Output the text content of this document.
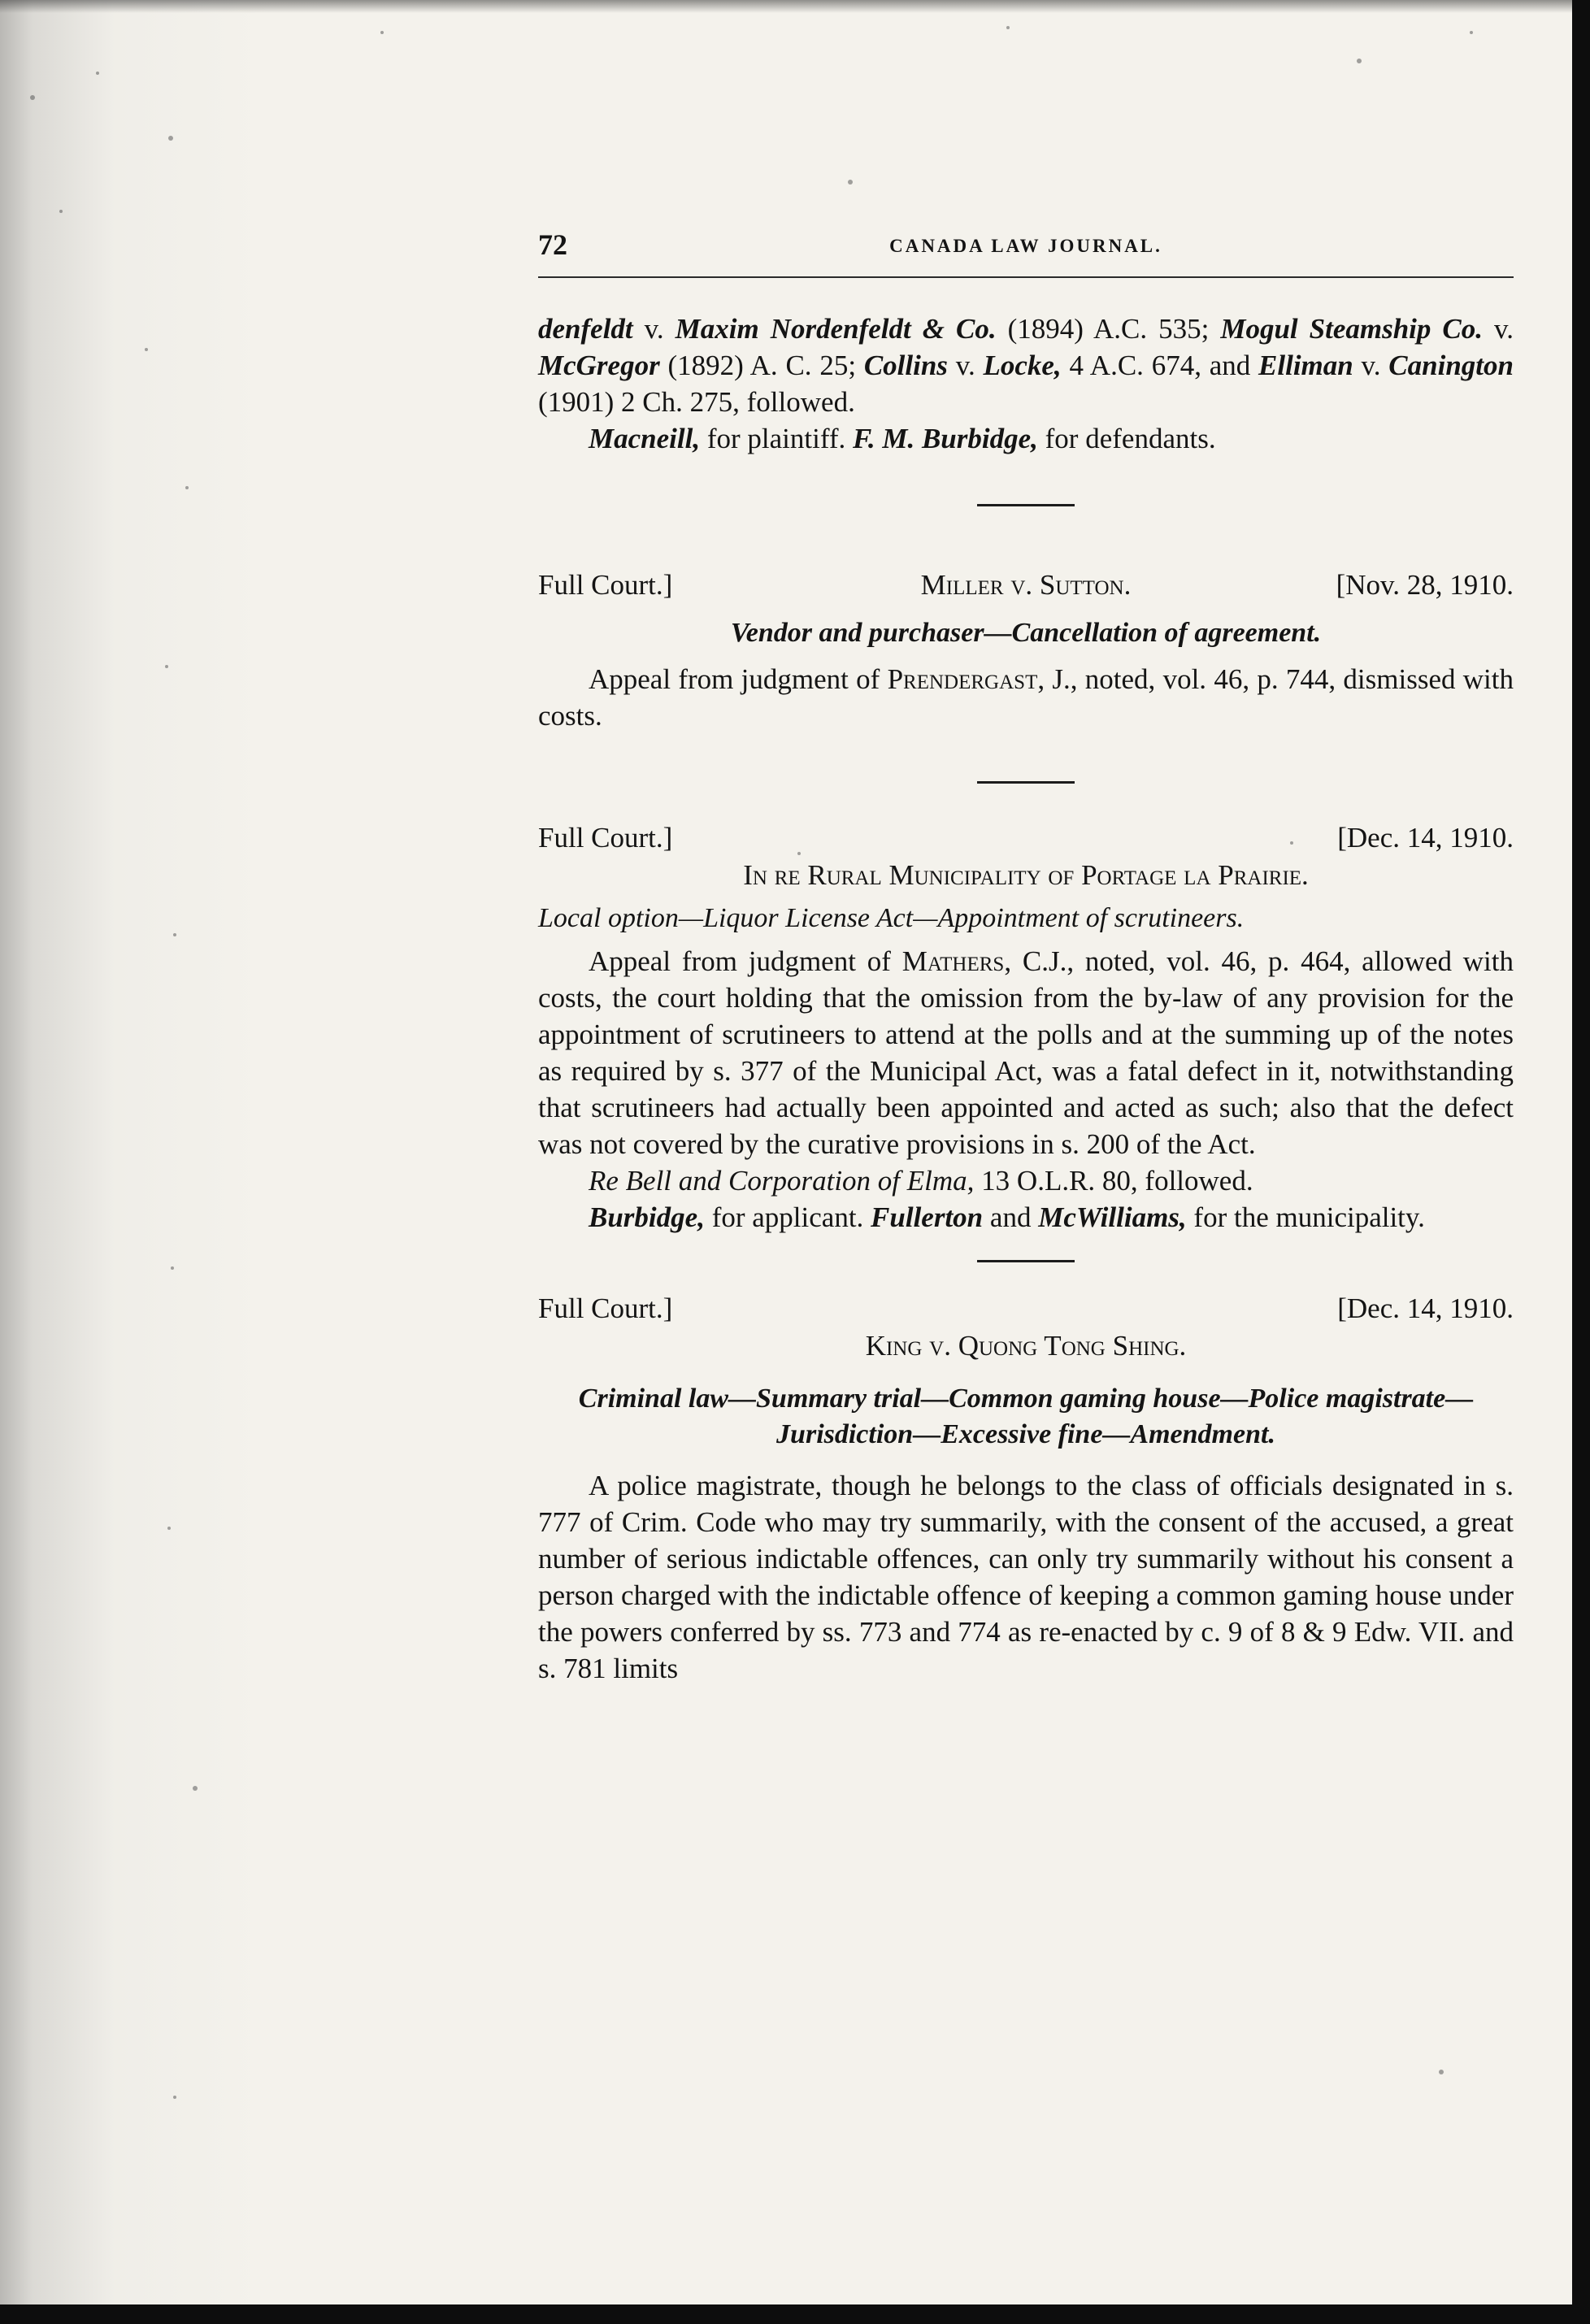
72	CANADA LAW JOURNAL.

denfeldt v. Maxim Nordenfeldt & Co. (1894) A.C. 535; Mogul Steamship Co. v. McGregor (1892) A. C. 25; Collins v. Locke, 4 A.C. 674, and Elliman v. Canington (1901) 2 Ch. 275, followed.

Macneill, for plaintiff. F. M. Burbidge, for defendants.

Full Court.]	Miller v. Sutton.	[Nov. 28, 1910.

Vendor and purchaser—Cancellation of agreement.

Appeal from judgment of Prendergast, J., noted, vol. 46, p. 744, dismissed with costs.

Full Court.]	[Dec. 14, 1910.

In re Rural Municipality of Portage la Prairie.

Local option—Liquor License Act—Appointment of scrutineers.

Appeal from judgment of Mathers, C.J., noted, vol. 46, p. 464, allowed with costs, the court holding that the omission from the by-law of any provision for the appointment of scrutineers to attend at the polls and at the summing up of the notes as required by s. 377 of the Municipal Act, was a fatal defect in it, notwithstanding that scrutineers had actually been appointed and acted as such; also that the defect was not covered by the curative provisions in s. 200 of the Act.

Re Bell and Corporation of Elma, 13 O.L.R. 80, followed.

Burbidge, for applicant. Fullerton and McWilliams, for the municipality.

Full Court.]	[Dec. 14, 1910.

King v. Quong Tong Shing.

Criminal law—Summary trial—Common gaming house—Police magistrate—Jurisdiction—Excessive fine—Amendment.

A police magistrate, though he belongs to the class of officials designated in s. 777 of Crim. Code who may try summarily, with the consent of the accused, a great number of serious indictable offences, can only try summarily without his consent a person charged with the indictable offence of keeping a common gaming house under the powers conferred by ss. 773 and 774 as re-enacted by c. 9 of 8 & 9 Edw. VII. and s. 781 limits
